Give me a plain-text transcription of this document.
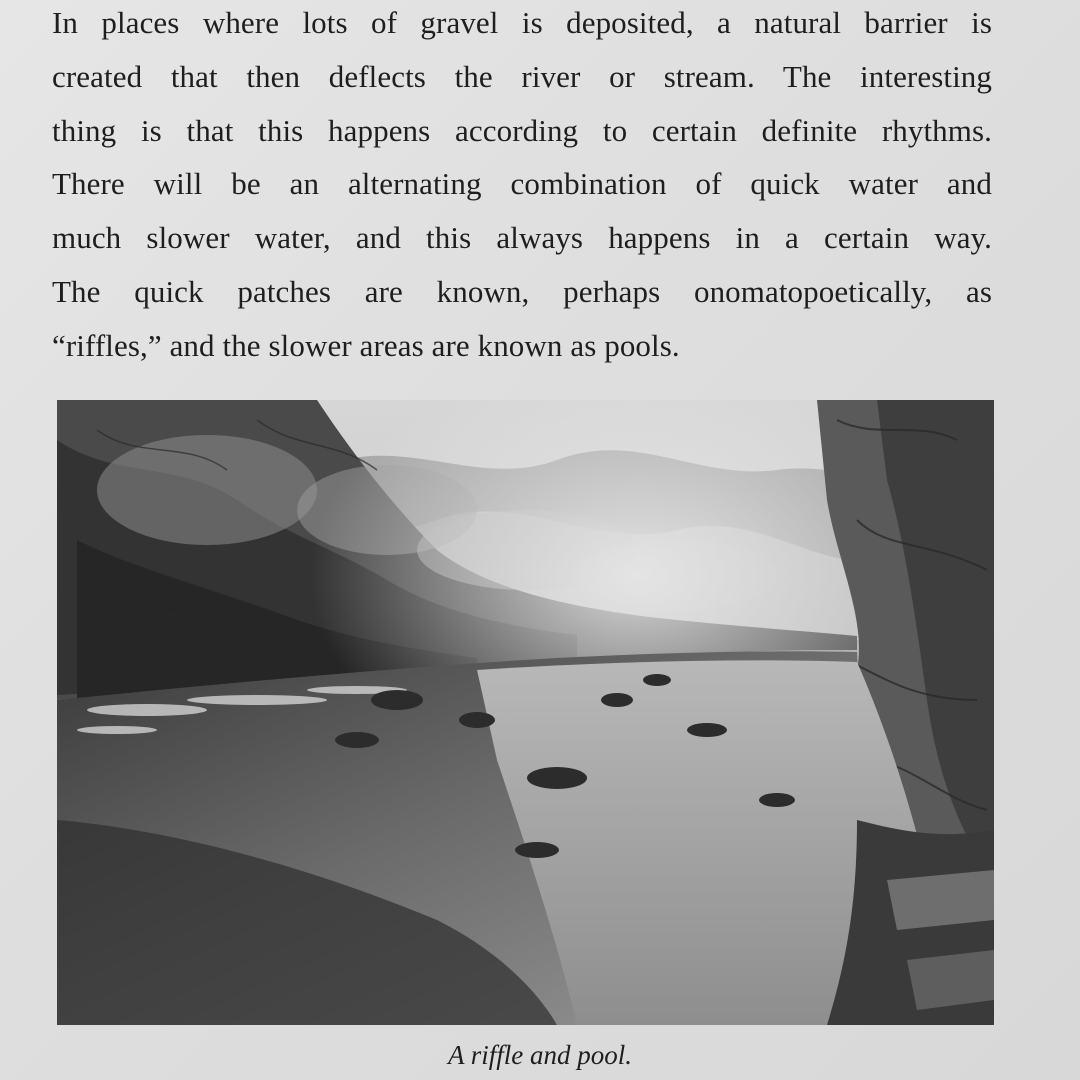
In places where lots of gravel is deposited, a natural barrier is
created that then deflects the river or stream. The interesting
thing is that this happens according to certain definite rhythms.
There will be an alternating combination of quick water and
much slower water, and this always happens in a certain way.
The quick patches are known, perhaps onomatopoetically, as
“riffles,” and the slower areas are known as pools.

A riffle and pool.
